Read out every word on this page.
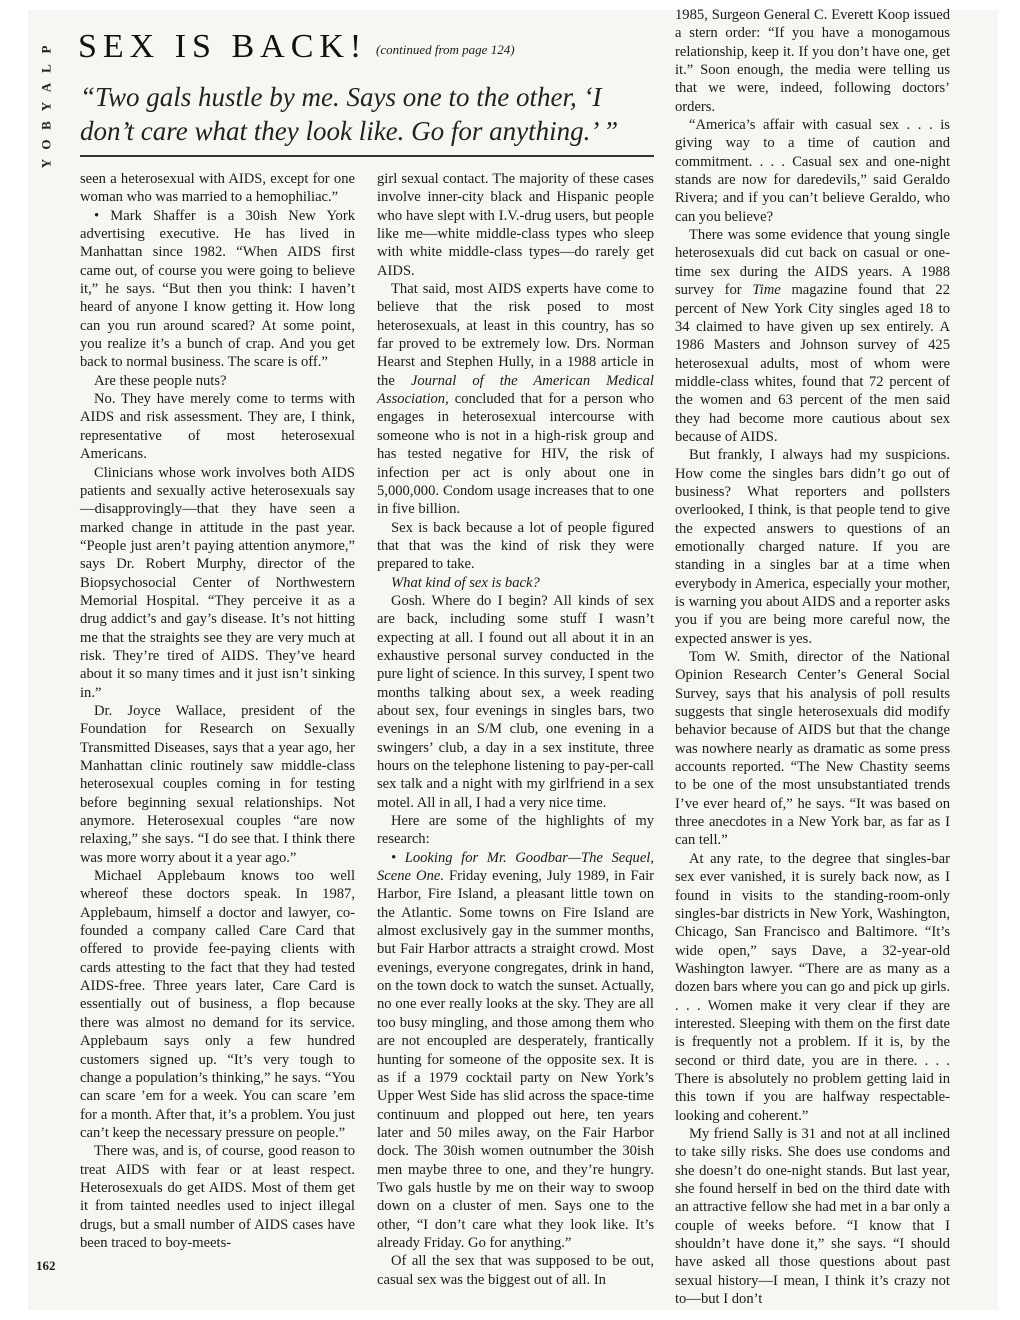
P
L
A
Y
B
O
Y
SEX IS BACK! (continued from page 124)
“Two gals hustle by me. Says one to the other, ‘I don’t care what they look like. Go for anything.’ ”

seen a heterosexual with AIDS, except for one woman who was married to a hemophiliac.”

• Mark Shaffer is a 30ish New York advertising executive. He has lived in Manhattan since 1982. “When AIDS first came out, of course you were going to believe it,” he says. “But then you think: I haven’t heard of anyone I know getting it. How long can you run around scared? At some point, you realize it’s a bunch of crap. And you get back to normal business. The scare is off.”

Are these people nuts?

No. They have merely come to terms with AIDS and risk assessment. They are, I think, representative of most heterosexual Americans.

Clinicians whose work involves both AIDS patients and sexually active heterosexuals say—disapprovingly—that they have seen a marked change in attitude in the past year. “People just aren’t paying attention anymore,” says Dr. Robert Murphy, director of the Biopsychosocial Center of Northwestern Memorial Hospital. “They perceive it as a drug addict’s and gay’s disease. It’s not hitting me that the straights see they are very much at risk. They’re tired of AIDS. They’ve heard about it so many times and it just isn’t sinking in.”

Dr. Joyce Wallace, president of the Foundation for Research on Sexually Transmitted Diseases, says that a year ago, her Manhattan clinic routinely saw middle-class heterosexual couples coming in for testing before beginning sexual relationships. Not anymore. Heterosexual couples “are now relaxing,” she says. “I do see that. I think there was more worry about it a year ago.”

Michael Applebaum knows too well whereof these doctors speak. In 1987, Applebaum, himself a doctor and lawyer, co-founded a company called Care Card that offered to provide fee-paying clients with cards attesting to the fact that they had tested AIDS-free. Three years later, Care Card is essentially out of business, a flop because there was almost no demand for its service. Applebaum says only a few hundred customers signed up. “It’s very tough to change a population’s thinking,” he says. “You can scare ’em for a week. You can scare ’em for a month. After that, it’s a problem. You just can’t keep the necessary pressure on people.”

There was, and is, of course, good reason to treat AIDS with fear or at least respect. Heterosexuals do get AIDS. Most of them get it from tainted needles used to inject illegal drugs, but a small number of AIDS cases have been traced to boy-meets-

girl sexual contact. The majority of these cases involve inner-city black and Hispanic people who have slept with I.V.-drug users, but people like me—white middle-class types who sleep with white middle-class types—do rarely get AIDS.

That said, most AIDS experts have come to believe that the risk posed to most heterosexuals, at least in this country, has so far proved to be extremely low. Drs. Norman Hearst and Stephen Hully, in a 1988 article in the Journal of the American Medical Association, concluded that for a person who engages in heterosexual intercourse with someone who is not in a high-risk group and has tested negative for HIV, the risk of infection per act is only about one in 5,000,000. Condom usage increases that to one in five billion.

Sex is back because a lot of people figured that that was the kind of risk they were prepared to take.

What kind of sex is back?

Gosh. Where do I begin? All kinds of sex are back, including some stuff I wasn’t expecting at all. I found out all about it in an exhaustive personal survey conducted in the pure light of science. In this survey, I spent two months talking about sex, a week reading about sex, four evenings in singles bars, two evenings in an S/M club, one evening in a swingers’ club, a day in a sex institute, three hours on the telephone listening to pay-per-call sex talk and a night with my girlfriend in a sex motel. All in all, I had a very nice time.

Here are some of the highlights of my research:

• Looking for Mr. Goodbar—The Sequel, Scene One. Friday evening, July 1989, in Fair Harbor, Fire Island, a pleasant little town on the Atlantic. Some towns on Fire Island are almost exclusively gay in the summer months, but Fair Harbor attracts a straight crowd. Most evenings, everyone congregates, drink in hand, on the town dock to watch the sunset. Actually, no one ever really looks at the sky. They are all too busy mingling, and those among them who are not encoupled are desperately, frantically hunting for someone of the opposite sex. It is as if a 1979 cocktail party on New York’s Upper West Side has slid across the space-time continuum and plopped out here, ten years later and 50 miles away, on the Fair Harbor dock. The 30ish women outnumber the 30ish men maybe three to one, and they’re hungry. Two gals hustle by me on their way to swoop down on a cluster of men. Says one to the other, “I don’t care what they look like. It’s already Friday. Go for anything.”

Of all the sex that was supposed to be out, casual sex was the biggest out of all. In

1985, Surgeon General C. Everett Koop issued a stern order: “If you have a monogamous relationship, keep it. If you don’t have one, get it.” Soon enough, the media were telling us that we were, indeed, following doctors’ orders.

“America’s affair with casual sex . . . is giving way to a time of caution and commitment. . . . Casual sex and one-night stands are now for daredevils,” said Geraldo Rivera; and if you can’t believe Geraldo, who can you believe?

There was some evidence that young single heterosexuals did cut back on casual or one-time sex during the AIDS years. A 1988 survey for Time magazine found that 22 percent of New York City singles aged 18 to 34 claimed to have given up sex entirely. A 1986 Masters and Johnson survey of 425 heterosexual adults, most of whom were middle-class whites, found that 72 percent of the women and 63 percent of the men said they had become more cautious about sex because of AIDS.

But frankly, I always had my suspicions. How come the singles bars didn’t go out of business? What reporters and pollsters overlooked, I think, is that people tend to give the expected answers to questions of an emotionally charged nature. If you are standing in a singles bar at a time when everybody in America, especially your mother, is warning you about AIDS and a reporter asks you if you are being more careful now, the expected answer is yes.

Tom W. Smith, director of the National Opinion Research Center’s General Social Survey, says that his analysis of poll results suggests that single heterosexuals did modify behavior because of AIDS but that the change was nowhere nearly as dramatic as some press accounts reported. “The New Chastity seems to be one of the most unsubstantiated trends I’ve ever heard of,” he says. “It was based on three anecdotes in a New York bar, as far as I can tell.”

At any rate, to the degree that singles-bar sex ever vanished, it is surely back now, as I found in visits to the standing-room-only singles-bar districts in New York, Washington, Chicago, San Francisco and Baltimore. “It’s wide open,” says Dave, a 32-year-old Washington lawyer. “There are as many as a dozen bars where you can go and pick up girls. . . . Women make it very clear if they are interested. Sleeping with them on the first date is frequently not a problem. If it is, by the second or third date, you are in there. . . . There is absolutely no problem getting laid in this town if you are halfway respectable-looking and coherent.”

My friend Sally is 31 and not at all inclined to take silly risks. She does use condoms and she doesn’t do one-night stands. But last year, she found herself in bed on the third date with an attractive fellow she had met in a bar only a couple of weeks before. “I know that I shouldn’t have done it,” she says. “I should have asked all those questions about past sexual history—I mean, I think it’s crazy not to—but I don’t

162
